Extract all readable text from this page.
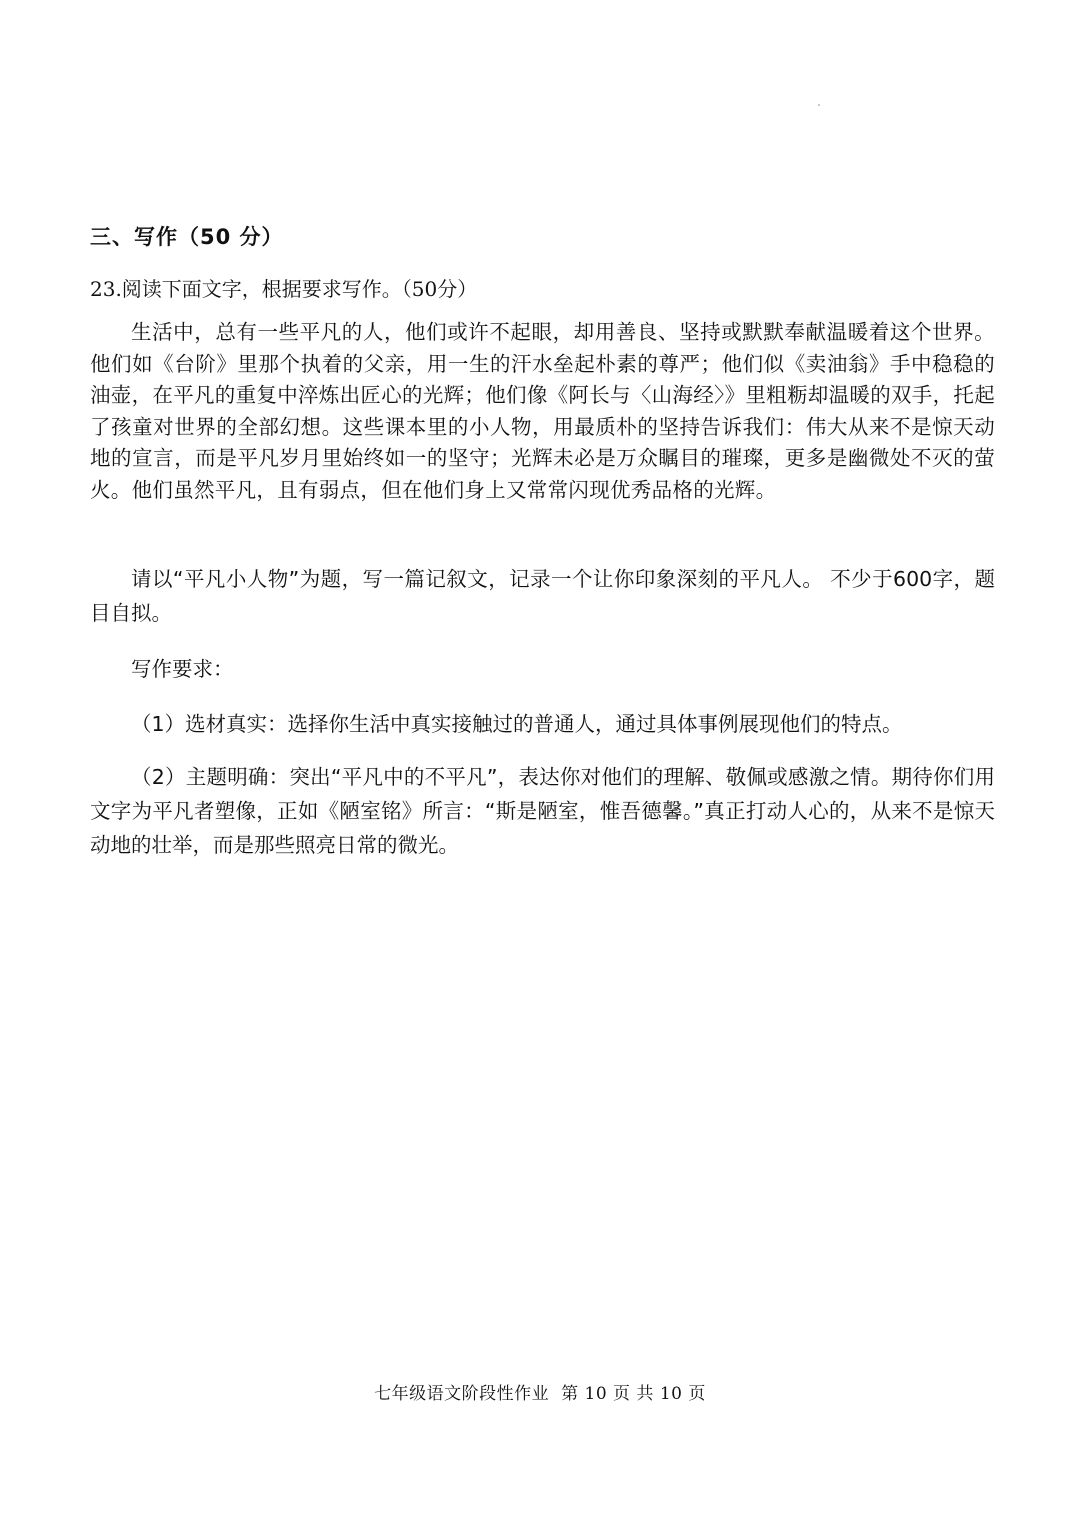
三、写作（50 分）
23.阅读下面文字，根据要求写作。（50分）

生活中，总有一些平凡的人，他们或许不起眼，却用善良、坚持或默默奉献温暖着这个世界。他们如《台阶》里那个执着的父亲，用一生的汗水垒起朴素的尊严；他们似《卖油翁》手中稳稳的油壶，在平凡的重复中淬炼出匠心的光辉；他们像《阿长与〈山海经〉》里粗粝却温暖的双手，托起了孩童对世界的全部幻想。这些课本里的小人物，用最质朴的坚持告诉我们：伟大从来不是惊天动地的宣言，而是平凡岁月里始终如一的坚守；光辉未必是万众瞩目的璀璨，更多是幽微处不灭的萤火。他们虽然平凡，且有弱点，但在他们身上又常常闪现优秀品格的光辉。

请以“平凡小人物”为题，写一篇记叙文，记录一个让你印象深刻的平凡人。 不少于600字，题目自拟。

写作要求：

（1）选材真实：选择你生活中真实接触过的普通人，通过具体事例展现他们的特点。

（2）主题明确：突出“平凡中的不平凡”，表达你对他们的理解、敬佩或感激之情。期待你们用文字为平凡者塑像，正如《陋室铭》所言：“斯是陋室，惟吾德馨。”真正打动人心的，从来不是惊天动地的壮举，而是那些照亮日常的微光。

七年级语文阶段性作业 第 10 页 共 10 页
